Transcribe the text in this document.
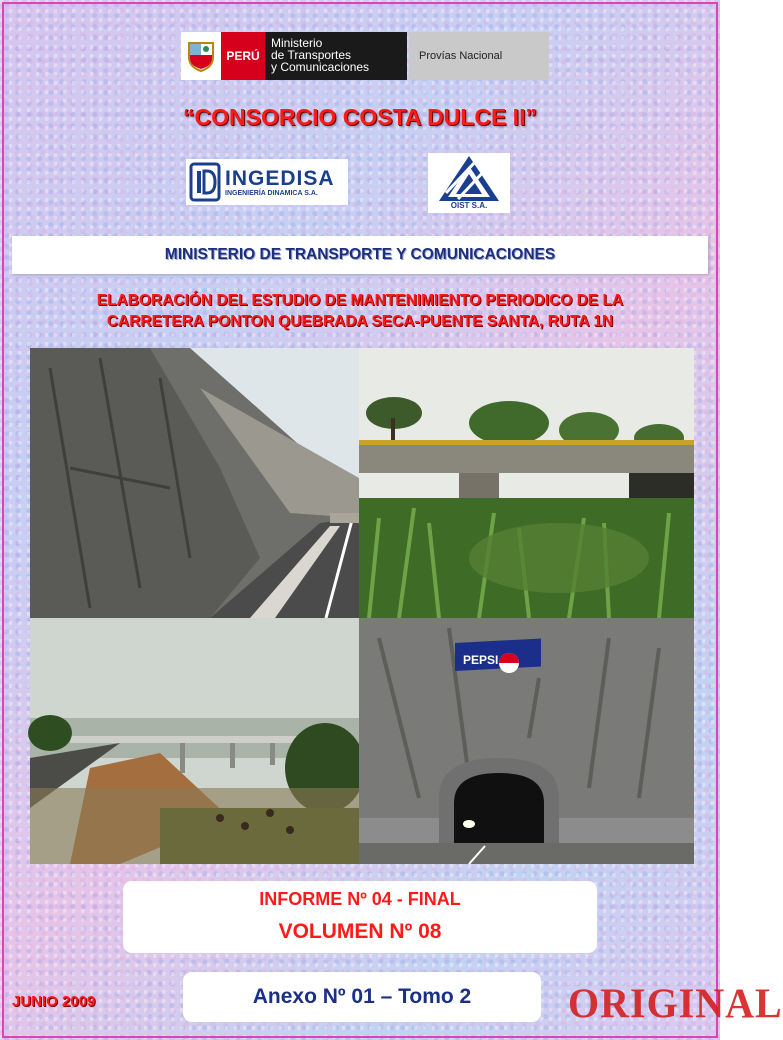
PERÚ
Ministerio
de Transportes
y Comunicaciones
Provías Nacional
“CONSORCIO COSTA DULCE II”
INGEDISA
INGENIERÍA DINAMICA S.A.
OIST S.A.
MINISTERIO DE TRANSPORTE Y COMUNICACIONES
ELABORACIÓN DEL ESTUDIO DE MANTENIMIENTO PERIODICO DE LA
CARRETERA PONTON QUEBRADA SECA-PUENTE SANTA, RUTA 1N
PEPSI
INFORME Nº 04 - FINAL
VOLUMEN Nº 08
Anexo Nº 01 – Tomo 2
JUNIO 2009	ORIGINAL
